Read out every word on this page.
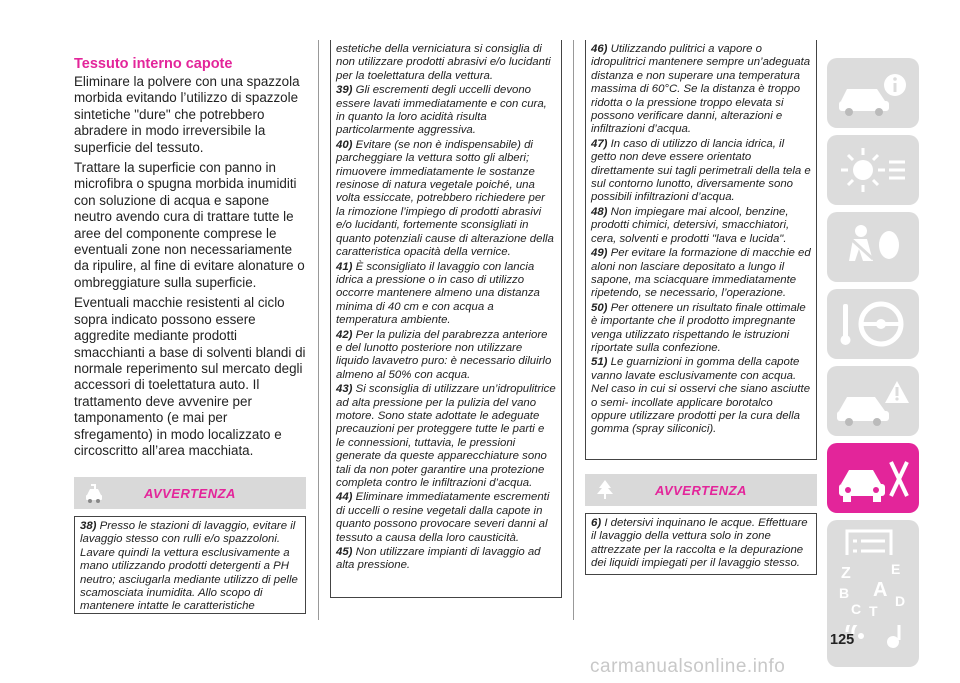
Tessuto interno capote

Eliminare la polvere con una spazzola morbida evitando l’utilizzo di spazzole sintetiche "dure" che potrebbero abradere in modo irreversibile la superficie del tessuto.

Trattare la superficie con panno in microfibra o spugna morbida inumiditi con soluzione di acqua e sapone neutro avendo cura di trattare tutte le aree del componente comprese le eventuali zone non necessariamente da ripulire, al fine di evitare alonature o ombreggiature sulla superficie.

Eventuali macchie resistenti al ciclo sopra indicato possono essere aggredite mediante prodotti smacchianti a base di solventi blandi di normale reperimento sul mercato degli accessori di toelettatura auto. Il trattamento deve avvenire per tamponamento (e mai per sfregamento) in modo localizzato e circoscritto all’area macchiata.

AVVERTENZA

38) Presso le stazioni di lavaggio, evitare il lavaggio stesso con rulli e/o spazzoloni. Lavare quindi la vettura esclusivamente a mano utilizzando prodotti detergenti a PH neutro; asciugarla mediante utilizzo di pelle scamosciata inumidita. Allo scopo di mantenere intatte le caratteristiche

estetiche della verniciatura si consiglia di non utilizzare prodotti abrasivi e/o lucidanti per la toelettatura della vettura.

39) Gli escrementi degli uccelli devono essere lavati immediatamente e con cura, in quanto la loro acidità risulta particolarmente aggressiva.

40) Evitare (se non è indispensabile) di parcheggiare la vettura sotto gli alberi; rimuovere immediatamente le sostanze resinose di natura vegetale poiché, una volta essiccate, potrebbero richiedere per la rimozione l’impiego di prodotti abrasivi e/o lucidanti, fortemente sconsigliati in quanto potenziali cause di alterazione della caratteristica opacità della vernice.

41) È sconsigliato il lavaggio con lancia idrica a pressione o in caso di utilizzo occorre mantenere almeno una distanza minima di 40 cm e con acqua a temperatura ambiente.

42) Per la pulizia del parabrezza anteriore e del lunotto posteriore non utilizzare liquido lavavetro puro: è necessario diluirlo almeno al 50% con acqua.

43) Si sconsiglia di utilizzare un’idropulitrice ad alta pressione per la pulizia del vano motore. Sono state adottate le adeguate precauzioni per proteggere tutte le parti e le connessioni, tuttavia, le pressioni generate da queste apparecchiature sono tali da non poter garantire una protezione completa contro le infiltrazioni d’acqua.

44) Eliminare immediatamente escrementi di uccelli o resine vegetali dalla capote in quanto possono provocare severi danni al tessuto a causa della loro causticità.

45) Non utilizzare impianti di lavaggio ad alta pressione.

46) Utilizzando pulitrici a vapore o idropulitrici mantenere sempre un’adeguata distanza e non superare una temperatura massima di 60°C. Se la distanza è troppo ridotta o la pressione troppo elevata si possono verificare danni, alterazioni e infiltrazioni d’acqua.

47) In caso di utilizzo di lancia idrica, il getto non deve essere orientato direttamente sui tagli perimetrali della tela e sul contorno lunotto, diversamente sono possibili infiltrazioni d’acqua.

48) Non impiegare mai alcool, benzine, prodotti chimici, detersivi, smacchiatori, cera, solventi e prodotti "lava e lucida".

49) Per evitare la formazione di macchie ed aloni non lasciare depositato a lungo il sapone, ma sciacquare immediatamente ripetendo, se necessario, l’operazione.

50) Per ottenere un risultato finale ottimale è importante che il prodotto impregnante venga utilizzato rispettando le istruzioni riportate sulla confezione.

51) Le guarnizioni in gomma della capote vanno lavate esclusivamente con acqua. Nel caso in cui si osservi che siano asciutte o semi- incollate applicare borotalco oppure utilizzare prodotti per la cura della gomma (spray siliconici).

AVVERTENZA

6) I detersivi inquinano le acque. Effettuare il lavaggio della vettura solo in zone attrezzate per la raccolta e la depurazione dei liquidi impiegati per il lavaggio stesso.

Z	E
B A
C T
D
125
carmanualsonline.info
